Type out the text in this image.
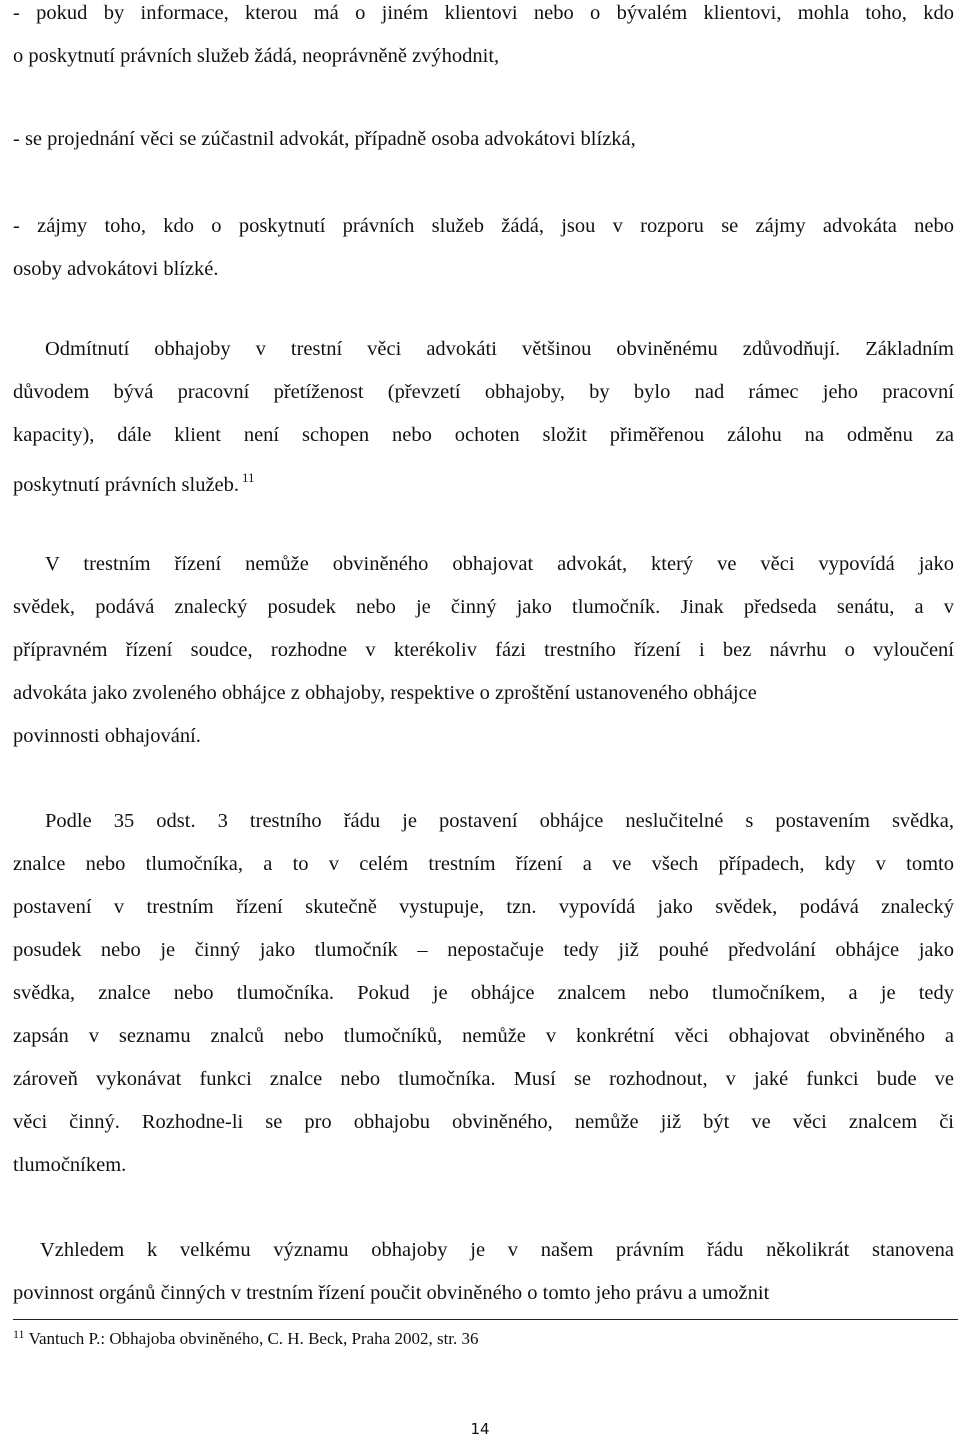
- pokud by informace, kterou má o jiném klientovi nebo o bývalém klientovi, mohla toho, kdo
o poskytnutí právních služeb žádá, neoprávněně zvýhodnit,
- se projednání věci se zúčastnil advokát, případně osoba advokátovi blízká,
- zájmy toho, kdo o poskytnutí právních služeb žádá, jsou v rozporu se zájmy advokáta nebo
osoby advokátovi blízké.
Odmítnutí obhajoby v trestní věci advokáti většinou obviněnému zdůvodňují. Základním
důvodem bývá pracovní přetíženost (převzetí obhajoby, by bylo nad rámec jeho pracovní
kapacity), dále klient není schopen nebo ochoten složit přiměřenou zálohu na odměnu za
poskytnutí právních služeb. $^{11}$
V trestním řízení nemůže obviněného obhajovat advokát, který ve věci vypovídá jako
svědek, podává znalecký posudek nebo je činný jako tlumočník. Jinak předseda senátu, a v
přípravném řízení soudce, rozhodne v kterékoliv fázi trestního řízení i bez návrhu o vyloučení
advokáta jako zvoleného obhájce z obhajoby, respektive o zproštění ustanoveného obhájce
povinnosti obhajování.
Podle 35 odst. 3 trestního řádu je postavení obhájce neslučitelné s postavením svědka,
znalce nebo tlumočníka, a to v celém trestním řízení a ve všech případech, kdy v tomto
postavení v trestním řízení skutečně vystupuje, tzn. vypovídá jako svědek, podává znalecký
posudek nebo je činný jako tlumočník – nepostačuje tedy již pouhé předvolání obhájce jako
svědka, znalce nebo tlumočníka. Pokud je obhájce znalcem nebo tlumočníkem, a je tedy
zapsán v seznamu znalců nebo tlumočníků, nemůže v konkrétní věci obhajovat obviněného a
zároveň vykonávat funkci znalce nebo tlumočníka. Musí se rozhodnout, v jaké funkci bude ve
věci činný. Rozhodne-li se pro obhajobu obviněného, nemůže již být ve věci znalcem či
tlumočníkem.
Vzhledem k velkému významu obhajoby je v našem právním řádu několikrát stanovena
povinnost orgánů činných v trestním řízení poučit obviněného o tomto jeho právu a umožnit
$^{11}$ Vantuch P.: Obhajoba obviněného, C. H. Beck, Praha 2002, str. 36
14
